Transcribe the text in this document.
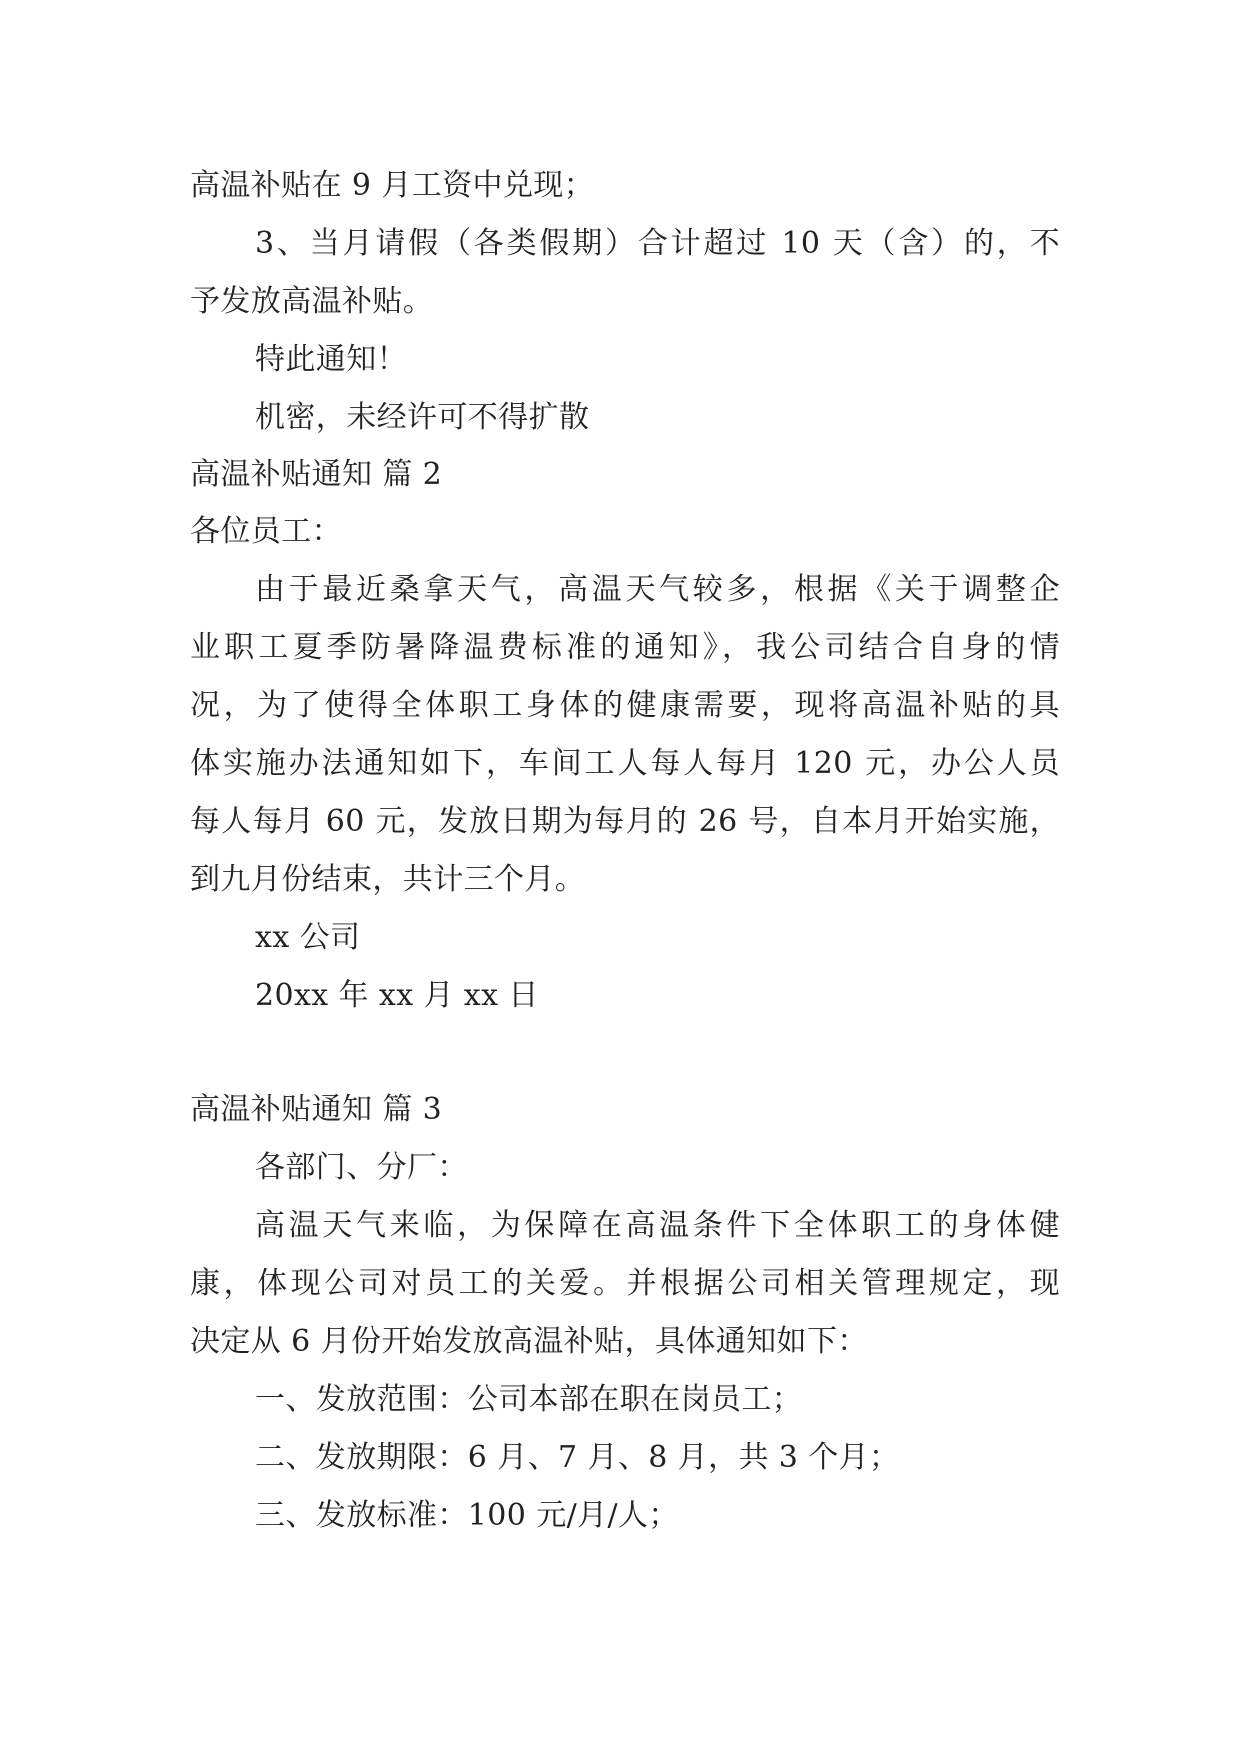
高温补贴在 9 月工资中兑现；
3、当月请假（各类假期）合计超过 10 天（含）的，不
予发放高温补贴。
特此通知！
机密，未经许可不得扩散
高温补贴通知 篇 2
各位员工：
由于最近桑拿天气，高温天气较多，根据《关于调整企
业职工夏季防暑降温费标准的通知》，我公司结合自身的情
况，为了使得全体职工身体的健康需要，现将高温补贴的具
体实施办法通知如下，车间工人每人每月 120 元，办公人员
每人每月 60 元，发放日期为每月的 26 号，自本月开始实施，
到九月份结束，共计三个月。
xx 公司
20xx 年 xx 月 xx 日
高温补贴通知 篇 3
各部门、分厂：
高温天气来临，为保障在高温条件下全体职工的身体健
康，体现公司对员工的关爱。并根据公司相关管理规定，现
决定从 6 月份开始发放高温补贴，具体通知如下：
一、发放范围：公司本部在职在岗员工；
二、发放期限：6 月、7 月、8 月，共 3 个月；
三、发放标准：100 元/月/人；
